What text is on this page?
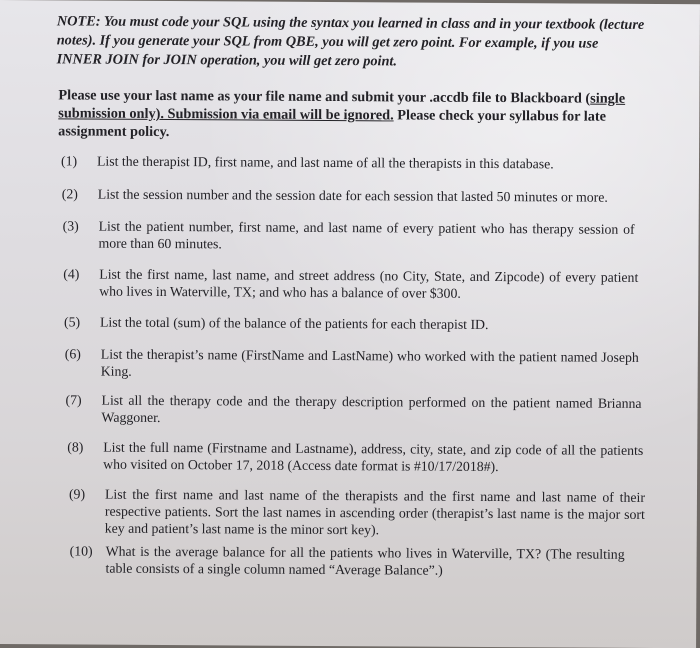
NOTE: You must code your SQL using the syntax you learned in class and in your textbook (lecture notes). If you generate your SQL from QBE, you will get zero point. For example, if you use INNER JOIN for JOIN operation, you will get zero point.

Please use your last name as your file name and submit your .accdb file to Blackboard (single submission only). Submission via email will be ignored. Please check your syllabus for late assignment policy.

(1)	List the therapist ID, first name, and last name of all the therapists in this database.
(2)	List the session number and the session date for each session that lasted 50 minutes or more.
(3)	List the patient number, first name, and last name of every patient who has therapy session of more than 60 minutes.
(4)	List the first name, last name, and street address (no City, State, and Zipcode) of every patient who lives in Waterville, TX; and who has a balance of over $300.
(5)	List the total (sum) of the balance of the patients for each therapist ID.
(6)	List the therapist’s name (FirstName and LastName) who worked with the patient named Joseph King.
(7)	List all the therapy code and the therapy description performed on the patient named Brianna Waggoner.
(8)	List the full name (Firstname and Lastname), address, city, state, and zip code of all the patients who visited on October 17, 2018 (Access date format is #10/17/2018#).
(9)	List the first name and last name of the therapists and the first name and last name of their respective patients. Sort the last names in ascending order (therapist’s last name is the major sort key and patient’s last name is the minor sort key).
(10) What is the average balance for all the patients who lives in Waterville, TX? (The resulting table consists of a single column named “Average Balance”.)
